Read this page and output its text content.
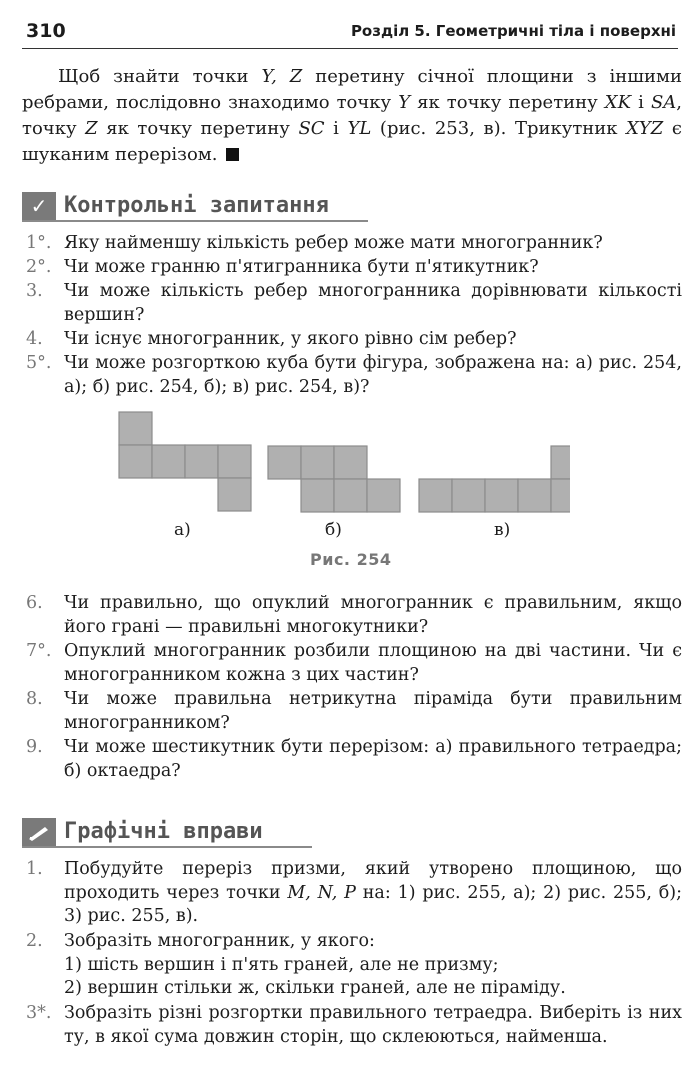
310	Розділ 5. Геометричні тіла і поверхні

Щоб знайти точки Y, Z перетину січної площини з іншими ребрами, послідовно знаходимо точку Y як точку перетину XK і SA, точку Z як точку перетину SC і YL (рис. 253, в). Трикутник XYZ є шуканим перерізом.

✓ Контрольні запитання
1°. Яку найменшу кількість ребер може мати многогранник?
2°. Чи може гранню п'ятигранника бути п'ятикутник?
3. Чи може кількість ребер многогранника дорівнювати кількості вершин?
4. Чи існує многогранник, у якого рівно сім ребер?
5°. Чи може розгорткою куба бути фігура, зображена на: а) рис. 254, а); б) рис. 254, б); в) рис. 254, в)?
а)	б)	в)
Рис. 254
6. Чи правильно, що опуклий многогранник є правильним, якщо його грані — правильні многокутники?
7°. Опуклий многогранник розбили площиною на дві частини. Чи є многогранником кожна з цих частин?
8. Чи може правильна нетрикутна піраміда бути правильним многогранником?
9. Чи може шестикутник бути перерізом: а) правильного тетраедра; б) октаедра?
Графічні вправи
1. Побудуйте переріз призми, який утворено площиною, що проходить через точки M, N, P на: 1) рис. 255, а); 2) рис. 255, б); 3) рис. 255, в).
2. Зобразіть многогранник, у якого:
1) шість вершин і п'ять граней, але не призму;
2) вершин стільки ж, скільки граней, але не піраміду.
3*. Зобразіть різні розгортки правильного тетраедра. Виберіть із них ту, в якої сума довжин сторін, що склеюються, найменша.
